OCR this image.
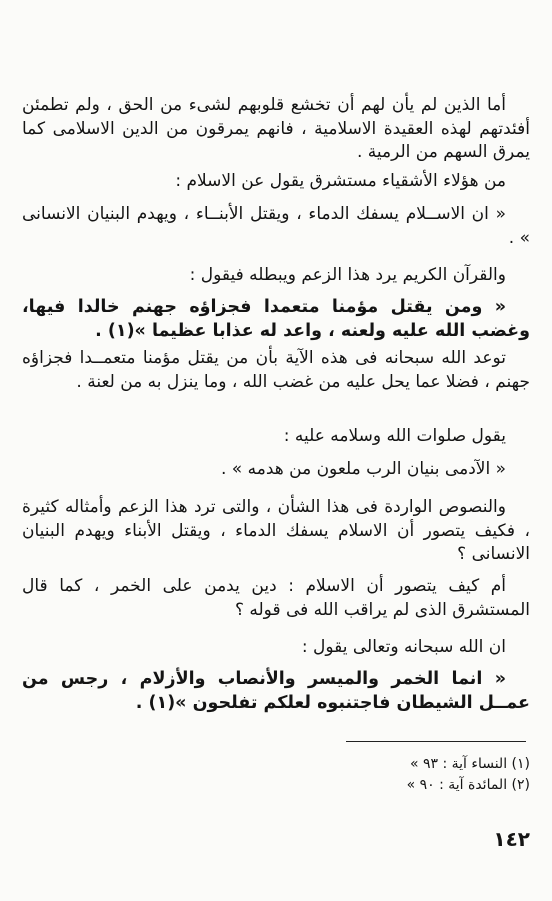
أما الذين لم يأن لهم أن تخشع قلوبهم لشىء من الحق ، ولم تطمئن أفئدتهم لهذه العقيدة الاسلامية ، فانهم يمرقون من الدين الاسلامى كما يمرق السهم من الرمية .

من هؤلاء الأشقياء مستشرق يقول عن الاسلام :

« ان الاســلام يسفك الدماء ، ويقتل الأبنــاء ، ويهدم البنيان الانسانى » .

والقرآن الكريم يرد هذا الزعم ويبطله فيقول :

« ومن يقتل مؤمنا متعمدا فجزاؤه جهنم خالدا فيها، وغضب الله عليه ولعنه ، واعد له عذابا عظيما »(١) .

توعد الله سبحانه فى هذه الآية بأن من يقتل مؤمنا متعمــدا فجزاؤه جهنم ، فضلا عما يحل عليه من غضب الله ، وما ينزل به من لعنة .

يقول صلوات الله وسلامه عليه :

« الآدمى بنيان الرب ملعون من هدمه » .

والنصوص الواردة فى هذا الشأن ، والتى ترد هذا الزعم وأمثاله كثيرة ، فكيف يتصور أن الاسلام يسفك الدماء ، ويقتل الأبناء ويهدم البنيان الانسانى ؟

أم كيف يتصور أن الاسلام : دين يدمن على الخمر ، كما قال المستشرق الذى لم يراقب الله فى قوله ؟

ان الله سبحانه وتعالى يقول :

« انما الخمر والميسر والأنصاب والأزلام ، رجس من عمــل الشيطان فاجتنبوه لعلكم تفلحون »(١) .

(١) النساء آية : ٩٣ »
(٢) المائدة آية : ٩٠ »
١٤٢
